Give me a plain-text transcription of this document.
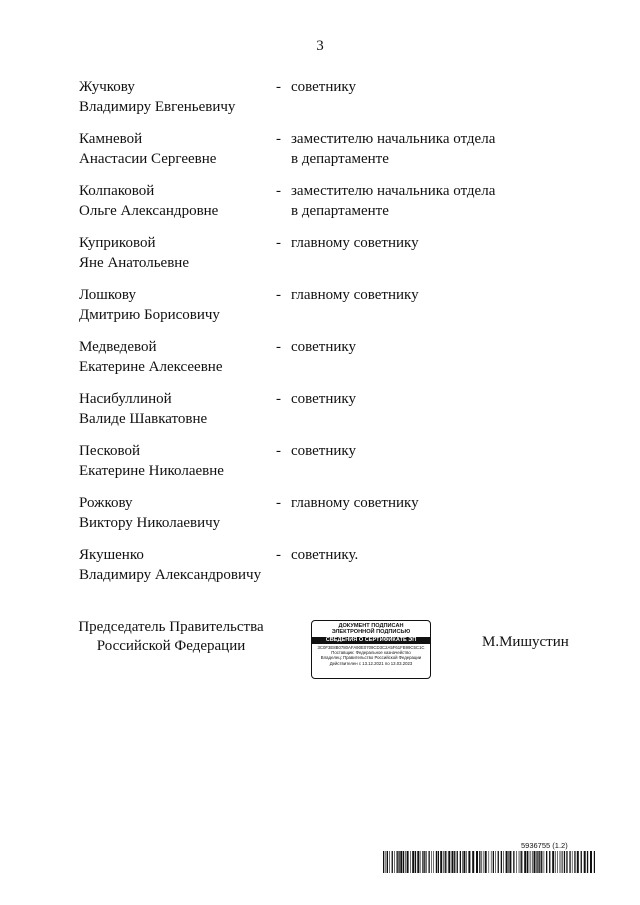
3
Жучкову
Владимиру Евгеньевичу
- советнику
Камневой
Анастасии Сергеевне
- заместителю начальника отдела
в департаменте
Колпаковой
Ольге Александровне
- заместителю начальника отдела
в департаменте
Куприковой
Яне Анатольевне
- главному советнику
Лошкову
Дмитрию Борисовичу
- главному советнику
Медведевой
Екатерине Алексеевне
- советнику
Насибуллиной
Валиде Шавкатовне
- советнику
Песковой
Екатерине Николаевне
- советнику
Рожкову
Виктору Николаевичу
- главному советнику
Якушенко
Владимиру Александровичу
- советнику.
Председатель Правительства
Российской Федерации
ДОКУМЕНТ ПОДПИСАН
ЭЛЕКТРОННОЙ ПОДПИСЬЮ
СВЕДЕНИЯ О СЕРТИФИКАТЕ ЭП
3C0F3E8B0780AFA90E0709CD3C2A5F61FB99C5C1C
Поставщик: Федеральное казначейство
Владелец: Правительство Российской Федерации
Действителен с 13.12.2021 по 13.03.2023
М.Мишустин
5936755 (1.2)
